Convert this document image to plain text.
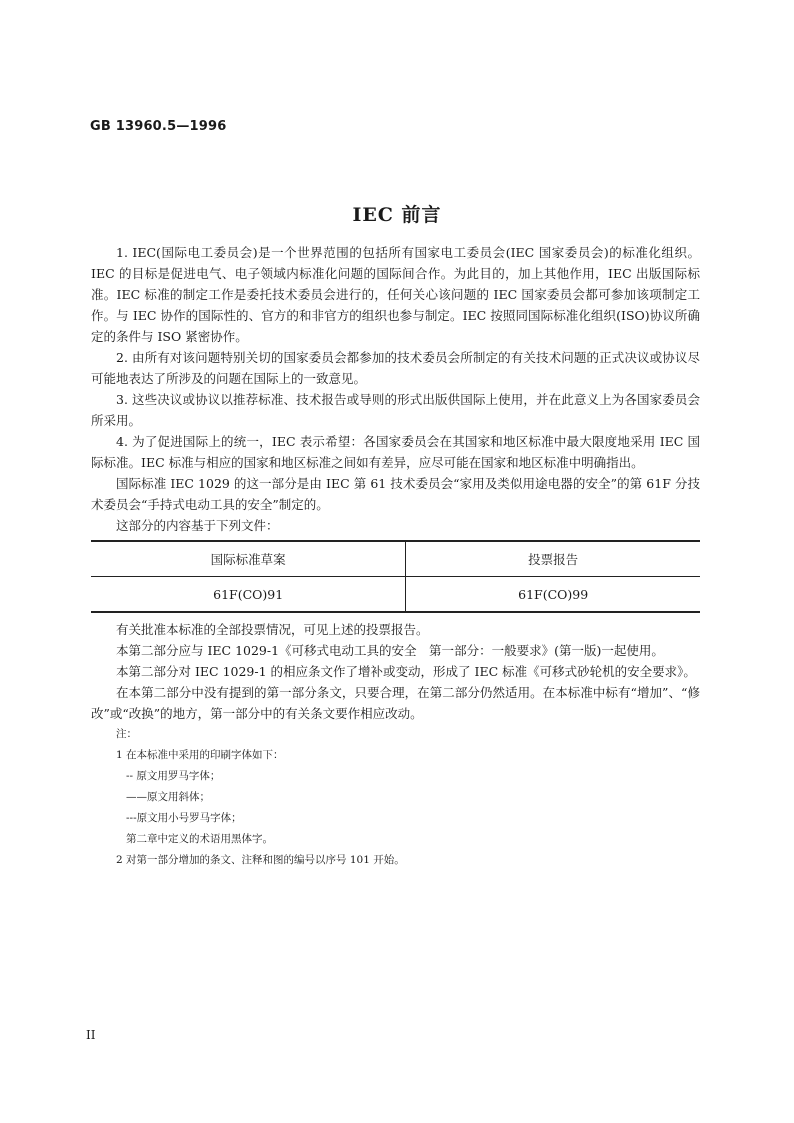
GB 13960.5—1996
IEC 前言

1. IEC(国际电工委员会)是一个世界范围的包括所有国家电工委员会(IEC 国家委员会)的标准化组织。IEC 的目标是促进电气、电子领域内标准化问题的国际间合作。为此目的，加上其他作用，IEC 出版国际标准。IEC 标准的制定工作是委托技术委员会进行的，任何关心该问题的 IEC 国家委员会都可参加该项制定工作。与 IEC 协作的国际性的、官方的和非官方的组织也参与制定。IEC 按照同国际标准化组织(ISO)协议所确定的条件与 ISO 紧密协作。

2. 由所有对该问题特别关切的国家委员会都参加的技术委员会所制定的有关技术问题的正式决议或协议尽可能地表达了所涉及的问题在国际上的一致意见。

3. 这些决议或协议以推荐标准、技术报告或导则的形式出版供国际上使用，并在此意义上为各国家委员会所采用。

4. 为了促进国际上的统一，IEC 表示希望：各国家委员会在其国家和地区标准中最大限度地采用 IEC 国际标准。IEC 标准与相应的国家和地区标准之间如有差异，应尽可能在国家和地区标准中明确指出。

国际标准 IEC 1029 的这一部分是由 IEC 第 61 技术委员会“家用及类似用途电器的安全”的第 61F 分技术委员会“手持式电动工具的安全”制定的。

这部分的内容基于下列文件：

国际标准草案	投票报告
61F(CO)91	61F(CO)99

有关批准本标准的全部投票情况，可见上述的投票报告。

本第二部分应与 IEC 1029-1《可移式电动工具的安全　第一部分：一般要求》(第一版)一起使用。

本第二部分对 IEC 1029-1 的相应条文作了增补或变动，形成了 IEC 标准《可移式砂轮机的安全要求》。

在本第二部分中没有提到的第一部分条文，只要合理，在第二部分仍然适用。在本标准中标有“增加”、“修改”或“改换”的地方，第一部分中的有关条文要作相应改动。

注：
1 在本标准中采用的印刷字体如下：
-- 原文用罗马字体；
——原文用斜体；
---原文用小号罗马字体；
第二章中定义的术语用黑体字。
2 对第一部分增加的条文、注释和图的编号以序号 101 开始。
II
